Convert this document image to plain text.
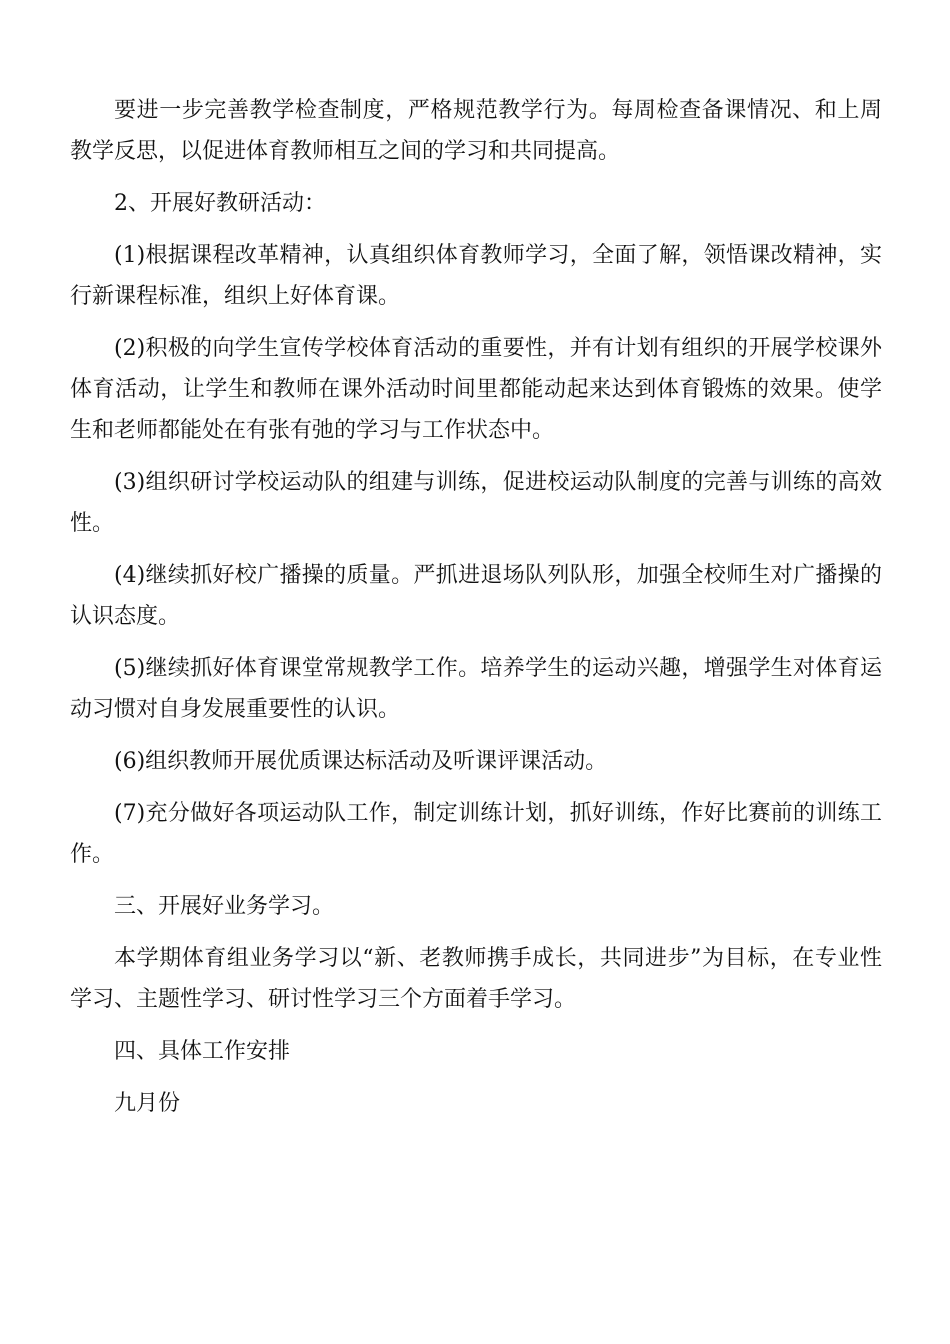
要进一步完善教学检查制度，严格规范教学行为。每周检查备课情况、和上周教学反思，以促进体育教师相互之间的学习和共同提高。

2、开展好教研活动：

(1)根据课程改革精神，认真组织体育教师学习，全面了解，领悟课改精神，实行新课程标准，组织上好体育课。

(2)积极的向学生宣传学校体育活动的重要性，并有计划有组织的开展学校课外体育活动，让学生和教师在课外活动时间里都能动起来达到体育锻炼的效果。使学生和老师都能处在有张有弛的学习与工作状态中。

(3)组织研讨学校运动队的组建与训练，促进校运动队制度的完善与训练的高效性。

(4)继续抓好校广播操的质量。严抓进退场队列队形，加强全校师生对广播操的认识态度。

(5)继续抓好体育课堂常规教学工作。培养学生的运动兴趣，增强学生对体育运动习惯对自身发展重要性的认识。

(6)组织教师开展优质课达标活动及听课评课活动。

(7)充分做好各项运动队工作，制定训练计划，抓好训练，作好比赛前的训练工作。

三、开展好业务学习。

本学期体育组业务学习以“新、老教师携手成长，共同进步”为目标，在专业性学习、主题性学习、研讨性学习三个方面着手学习。

四、具体工作安排

九月份
